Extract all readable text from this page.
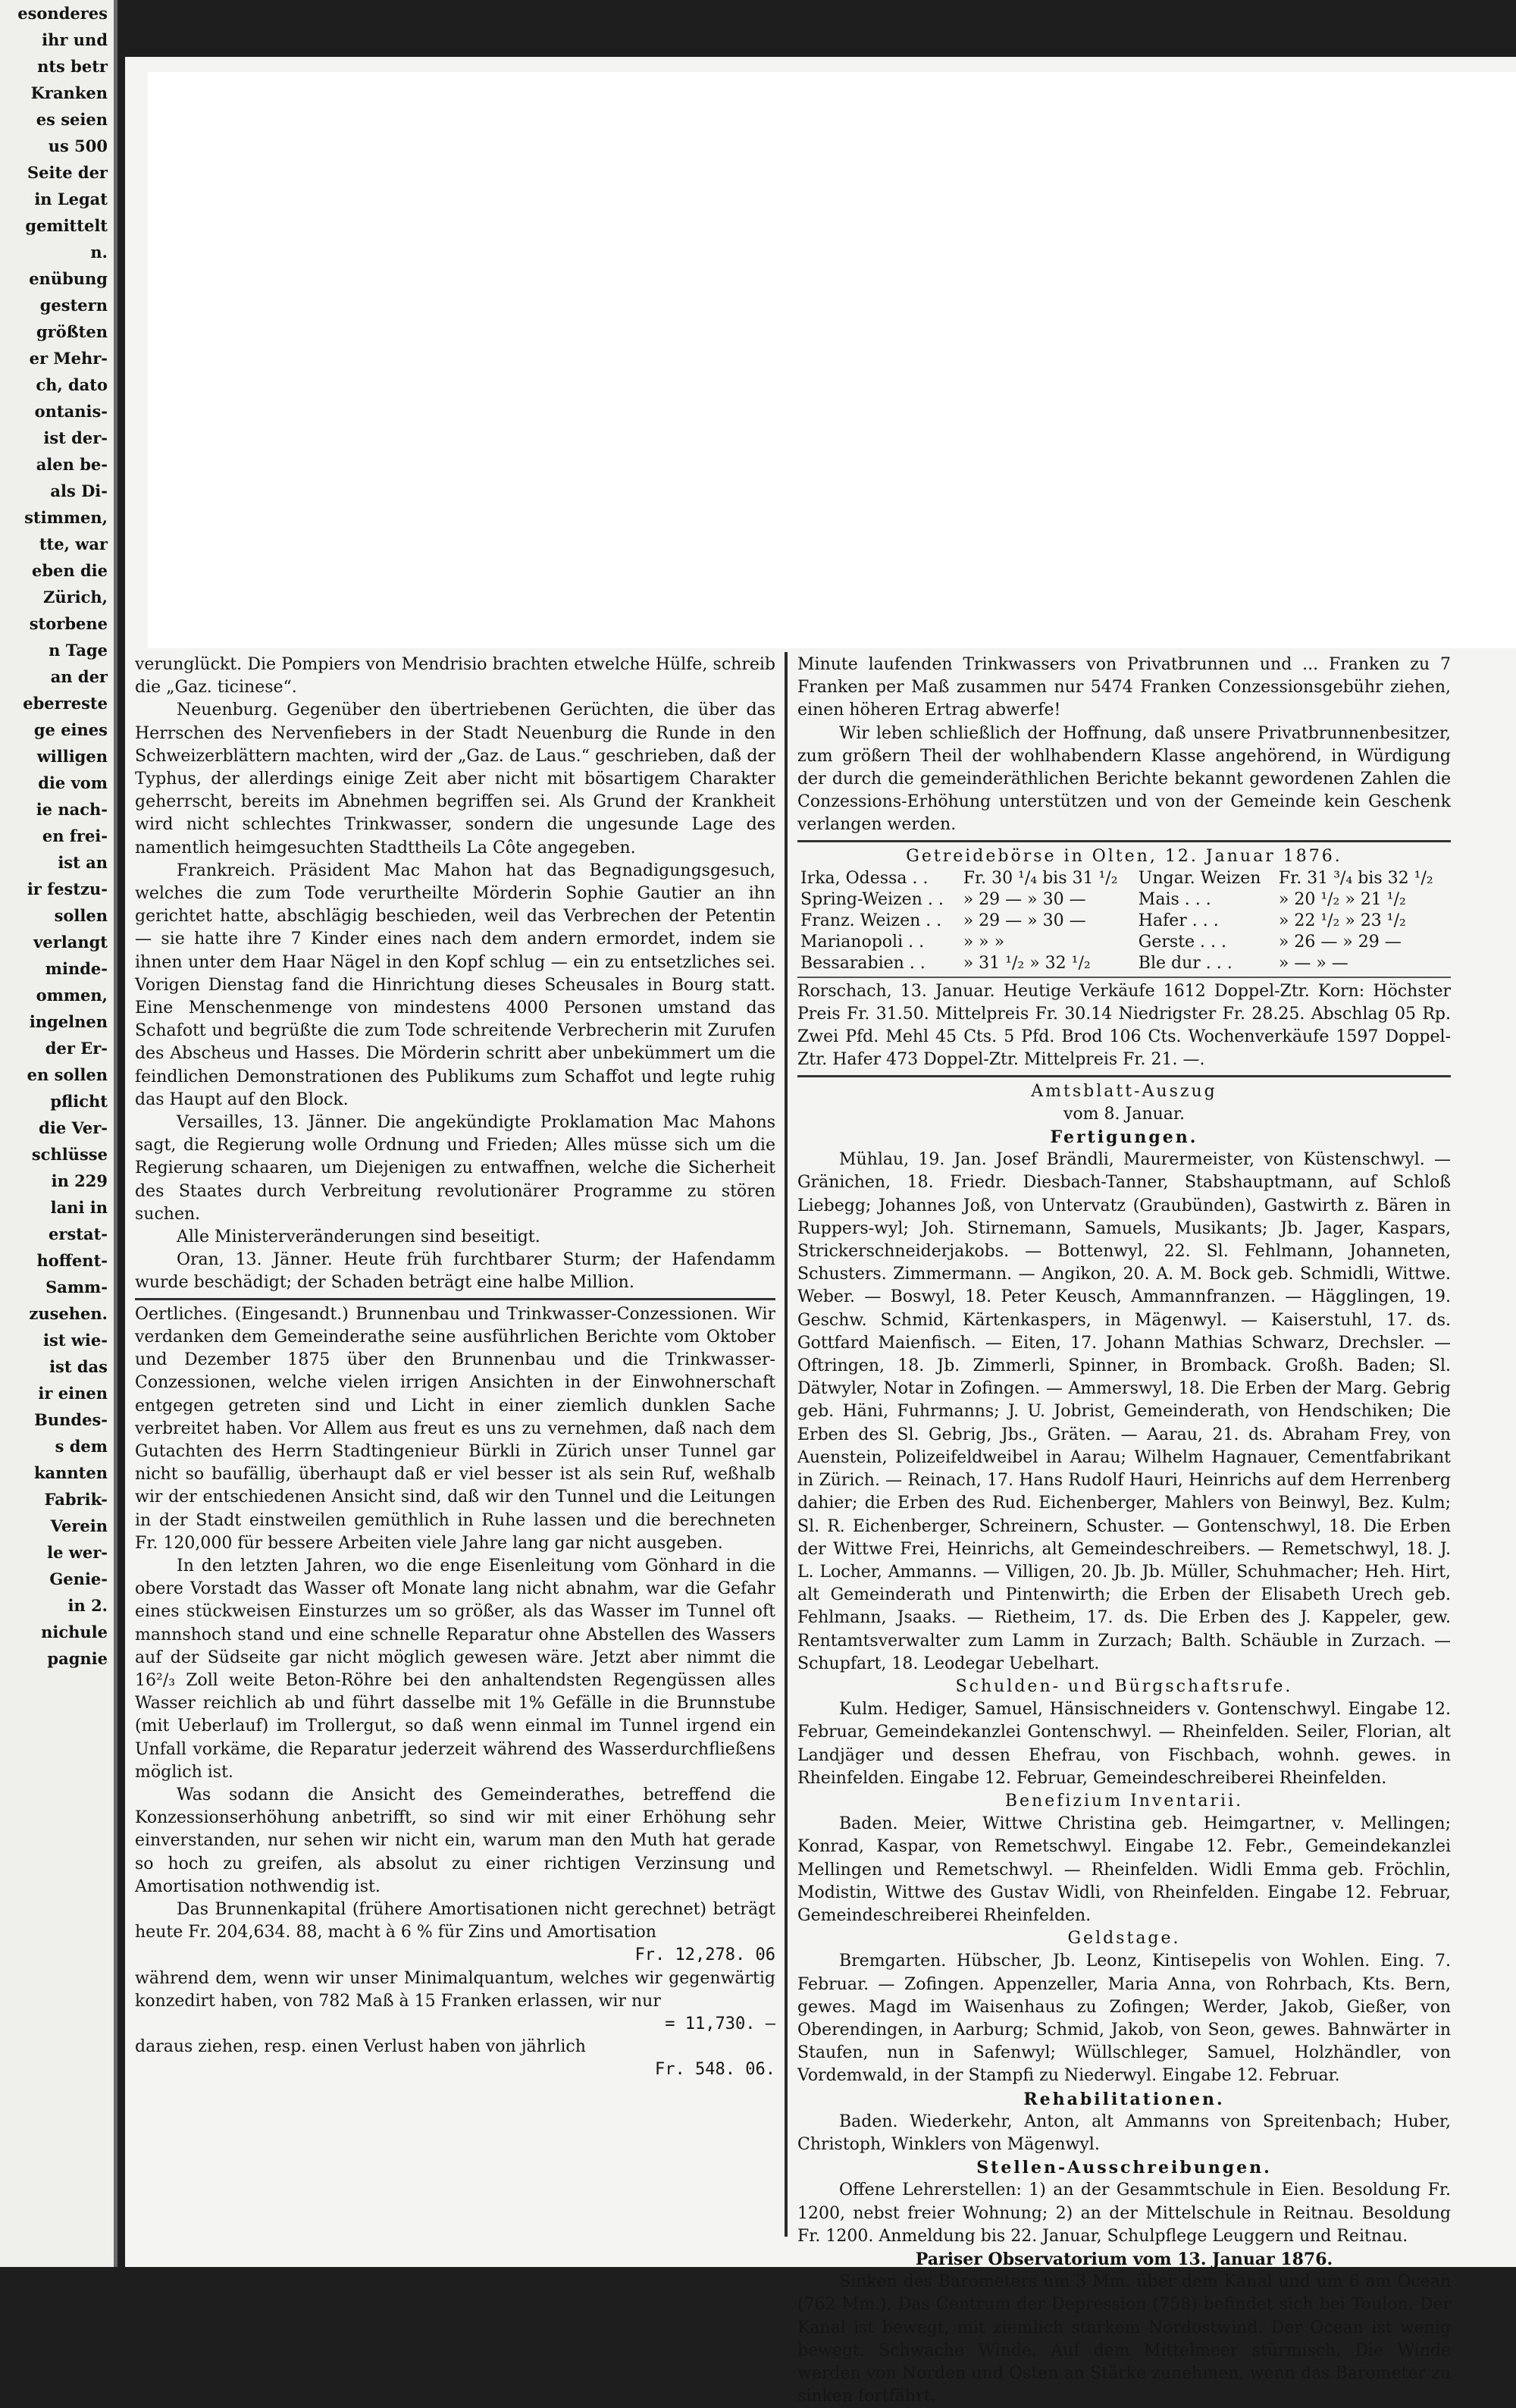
esonderes

ihr und

nts betr

Kranken

es seien

us 500

Seite der

in Legat

gemittelt

n.

enübung

gestern

größten

er Mehr-

ch, dato

ontanis-

ist der-

alen be-

als Di-

stimmen,

tte, war

eben die

Zürich,

storbene

n Tage

an der

eberreste

ge eines

willigen

die vom

ie nach-

en frei-

ist an

ir festzu-

sollen

verlangt

minde-

ommen,

ingelnen

der Er-

en sollen

pflicht

die Ver-

schlüsse

in 229

lani in

erstat-

hoffent-

Samm-

zusehen.

ist wie-

ist das

ir einen

Bundes-

s dem

kannten

Fabrik-

Verein

le wer-

Genie-

in 2.

nichule

pagnie

verunglückt. Die Pompiers von Mendrisio brachten etwelche Hülfe, schreib die „Gaz. ticinese“.

Neuenburg. Gegenüber den übertriebenen Gerüchten, die über das Herrschen des Nervenfiebers in der Stadt Neuenburg die Runde in den Schweizerblättern machten, wird der „Gaz. de Laus.“ geschrieben, daß der Typhus, der allerdings einige Zeit aber nicht mit bösartigem Charakter geherrscht, bereits im Abnehmen begriffen sei. Als Grund der Krankheit wird nicht schlechtes Trinkwasser, sondern die ungesunde Lage des namentlich heimgesuchten Stadttheils La Côte angegeben.

Frankreich. Präsident Mac Mahon hat das Begnadigungsgesuch, welches die zum Tode verurtheilte Mörderin Sophie Gautier an ihn gerichtet hatte, abschlägig beschieden, weil das Verbrechen der Petentin — sie hatte ihre 7 Kinder eines nach dem andern ermordet, indem sie ihnen unter dem Haar Nägel in den Kopf schlug — ein zu entsetzliches sei. Vorigen Dienstag fand die Hinrichtung dieses Scheusales in Bourg statt. Eine Menschenmenge von mindestens 4000 Personen umstand das Schafott und begrüßte die zum Tode schreitende Verbrecherin mit Zurufen des Abscheus und Hasses. Die Mörderin schritt aber unbekümmert um die feindlichen Demonstrationen des Publikums zum Schaffot und legte ruhig das Haupt auf den Block.

Versailles, 13. Jänner. Die angekündigte Proklamation Mac Mahons sagt, die Regierung wolle Ordnung und Frieden; Alles müsse sich um die Regierung schaaren, um Diejenigen zu entwaffnen, welche die Sicherheit des Staates durch Verbreitung revolutionärer Programme zu stören suchen.

Alle Ministerveränderungen sind beseitigt.

Oran, 13. Jänner. Heute früh furchtbarer Sturm; der Hafendamm wurde beschädigt; der Schaden beträgt eine halbe Million.

Oertliches. (Eingesandt.) Brunnenbau und Trinkwasser-Conzessionen. Wir verdanken dem Gemeinderathe seine ausführlichen Berichte vom Oktober und Dezember 1875 über den Brunnenbau und die Trinkwasser-Conzessionen, welche vielen irrigen Ansichten in der Einwohnerschaft entgegen getreten sind und Licht in einer ziemlich dunklen Sache verbreitet haben. Vor Allem aus freut es uns zu vernehmen, daß nach dem Gutachten des Herrn Stadtingenieur Bürkli in Zürich unser Tunnel gar nicht so baufällig, überhaupt daß er viel besser ist als sein Ruf, weßhalb wir der entschiedenen Ansicht sind, daß wir den Tunnel und die Leitungen in der Stadt einstweilen gemüthlich in Ruhe lassen und die berechneten Fr. 120,000 für bessere Arbeiten viele Jahre lang gar nicht ausgeben.

In den letzten Jahren, wo die enge Eisenleitung vom Gönhard in die obere Vorstadt das Wasser oft Monate lang nicht abnahm, war die Gefahr eines stückweisen Einsturzes um so größer, als das Wasser im Tunnel oft mannshoch stand und eine schnelle Reparatur ohne Abstellen des Wassers auf der Südseite gar nicht möglich gewesen wäre. Jetzt aber nimmt die 16²/₃ Zoll weite Beton-Röhre bei den anhaltendsten Regengüssen alles Wasser reichlich ab und führt dasselbe mit 1% Gefälle in die Brunnstube (mit Ueberlauf) im Trollergut, so daß wenn einmal im Tunnel irgend ein Unfall vorkäme, die Reparatur jederzeit während des Wasserdurchfließens möglich ist.

Was sodann die Ansicht des Gemeinderathes, betreffend die Konzessionserhöhung anbetrifft, so sind wir mit einer Erhöhung sehr einverstanden, nur sehen wir nicht ein, warum man den Muth hat gerade so hoch zu greifen, als absolut zu einer richtigen Verzinsung und Amortisation nothwendig ist.

Das Brunnenkapital (frühere Amortisationen nicht gerechnet) beträgt heute Fr. 204,634. 88, macht à 6 % für Zins und Amortisation

Fr. 12,278. 06

während dem, wenn wir unser Minimalquantum, welches wir gegenwärtig konzedirt haben, von 782 Maß à 15 Franken erlassen, wir nur

= 11,730. —

daraus ziehen, resp. einen Verlust haben von jährlich

Fr. 548. 06.

Minute laufenden Trinkwassers von Privatbrunnen und ... Franken zu 7 Franken per Maß zusammen nur 5474 Franken Conzessionsgebühr ziehen, einen höheren Ertrag abwerfe!

Wir leben schließlich der Hoffnung, daß unsere Privatbrunnenbesitzer, zum größern Theil der wohlhabendern Klasse angehörend, in Würdigung der durch die gemeinderäthlichen Berichte bekannt gewordenen Zahlen die Conzessions-Erhöhung unterstützen und von der Gemeinde kein Geschenk verlangen werden.

Getreidebörse in Olten, 12. Januar 1876.

Irka, Odessa . .	Fr. 30 ¹/₄ bis 31 ¹/₂	Ungar. Weizen	Fr. 31 ³/₄ bis 32 ¹/₂
Spring-Weizen . .	» 29 — » 30 —	Mais . . .	» 20 ¹/₂ » 21 ¹/₂
Franz. Weizen . .	» 29 — » 30 —	Hafer . . .	» 22 ¹/₂ » 23 ¹/₂
Marianopoli . .	» » »	Gerste . . .	» 26 — » 29 —
Bessarabien . .	» 31 ¹/₂ » 32 ¹/₂	Ble dur . . .	» — » —

Rorschach, 13. Januar. Heutige Verkäufe 1612 Doppel-Ztr. Korn: Höchster Preis Fr. 31.50. Mittelpreis Fr. 30.14 Niedrigster Fr. 28.25. Abschlag 05 Rp. Zwei Pfd. Mehl 45 Cts. 5 Pfd. Brod 106 Cts. Wochenverkäufe 1597 Doppel-Ztr. Hafer 473 Doppel-Ztr. Mittelpreis Fr. 21. —.

Amtsblatt-Auszug

vom 8. Januar.

Fertigungen.

Mühlau, 19. Jan. Josef Brändli, Maurermeister, von Küstenschwyl. — Gränichen, 18. Friedr. Diesbach-Tanner, Stabshauptmann, auf Schloß Liebegg; Johannes Joß, von Untervatz (Graubünden), Gastwirth z. Bären in Ruppers-wyl; Joh. Stirnemann, Samuels, Musikants; Jb. Jager, Kaspars, Strickerschneiderjakobs. — Bottenwyl, 22. Sl. Fehlmann, Johanneten, Schusters. Zimmermann. — Angikon, 20. A. M. Bock geb. Schmidli, Wittwe. Weber. — Boswyl, 18. Peter Keusch, Ammannfranzen. — Hägglingen, 19. Geschw. Schmid, Kärtenkaspers, in Mägenwyl. — Kaiserstuhl, 17. ds. Gottfard Maienfisch. — Eiten, 17. Johann Mathias Schwarz, Drechsler. — Oftringen, 18. Jb. Zimmerli, Spinner, in Bromback. Großh. Baden; Sl. Dätwyler, Notar in Zofingen. — Ammerswyl, 18. Die Erben der Marg. Gebrig geb. Häni, Fuhrmanns; J. U. Jobrist, Gemeinderath, von Hendschiken; Die Erben des Sl. Gebrig, Jbs., Gräten. — Aarau, 21. ds. Abraham Frey, von Auenstein, Polizeifeldweibel in Aarau; Wilhelm Hagnauer, Cementfabrikant in Zürich. — Reinach, 17. Hans Rudolf Hauri, Heinrichs auf dem Herrenberg dahier; die Erben des Rud. Eichenberger, Mahlers von Beinwyl, Bez. Kulm; Sl. R. Eichenberger, Schreinern, Schuster. — Gontenschwyl, 18. Die Erben der Wittwe Frei, Heinrichs, alt Gemeindeschreibers. — Remetschwyl, 18. J. L. Locher, Ammanns. — Villigen, 20. Jb. Jb. Müller, Schuhmacher; Heh. Hirt, alt Gemeinderath und Pintenwirth; die Erben der Elisabeth Urech geb. Fehlmann, Jsaaks. — Rietheim, 17. ds. Die Erben des J. Kappeler, gew. Rentamtsverwalter zum Lamm in Zurzach; Balth. Schäuble in Zurzach. — Schupfart, 18. Leodegar Uebelhart.

Schulden- und Bürgschaftsrufe.

Kulm. Hediger, Samuel, Hänsischneiders v. Gontenschwyl. Eingabe 12. Februar, Gemeindekanzlei Gontenschwyl. — Rheinfelden. Seiler, Florian, alt Landjäger und dessen Ehefrau, von Fischbach, wohnh. gewes. in Rheinfelden. Eingabe 12. Februar, Gemeindeschreiberei Rheinfelden.

Benefizium Inventarii.

Baden. Meier, Wittwe Christina geb. Heimgartner, v. Mellingen; Konrad, Kaspar, von Remetschwyl. Eingabe 12. Febr., Gemeindekanzlei Mellingen und Remetschwyl. — Rheinfelden. Widli Emma geb. Fröchlin, Modistin, Wittwe des Gustav Widli, von Rheinfelden. Eingabe 12. Februar, Gemeindeschreiberei Rheinfelden.

Geldstage.

Bremgarten. Hübscher, Jb. Leonz, Kintisepelis von Wohlen. Eing. 7. Februar. — Zofingen. Appenzeller, Maria Anna, von Rohrbach, Kts. Bern, gewes. Magd im Waisenhaus zu Zofingen; Werder, Jakob, Gießer, von Oberendingen, in Aarburg; Schmid, Jakob, von Seon, gewes. Bahnwärter in Staufen, nun in Safenwyl; Wüllschleger, Samuel, Holzhändler, von Vordemwald, in der Stampfi zu Niederwyl. Eingabe 12. Februar.

Rehabilitationen.

Baden. Wiederkehr, Anton, alt Ammanns von Spreitenbach; Huber, Christoph, Winklers von Mägenwyl.

Stellen-Ausschreibungen.

Offene Lehrerstellen: 1) an der Gesammtschule in Eien. Besoldung Fr. 1200, nebst freier Wohnung; 2) an der Mittelschule in Reitnau. Besoldung Fr. 1200. Anmeldung bis 22. Januar, Schulpflege Leuggern und Reitnau.

Pariser Observatorium vom 13. Januar 1876.

Sinken des Barometers um 3 Mm. über dem Kanal und um 6 am Ocean (762 Mm.). Das Centrum der Depression (758) befindet sich bei Toulon. Der Kanal ist bewegt, mit ziemlich starkem Nordostwind. Der Ocean ist wenig bewegt. Schwache Winde. Auf dem Mittelmeer stürmisch. Die Winde werden von Norden und Osten an Stärke zunehmen, wenn das Barometer zu sinken fortfährt.
